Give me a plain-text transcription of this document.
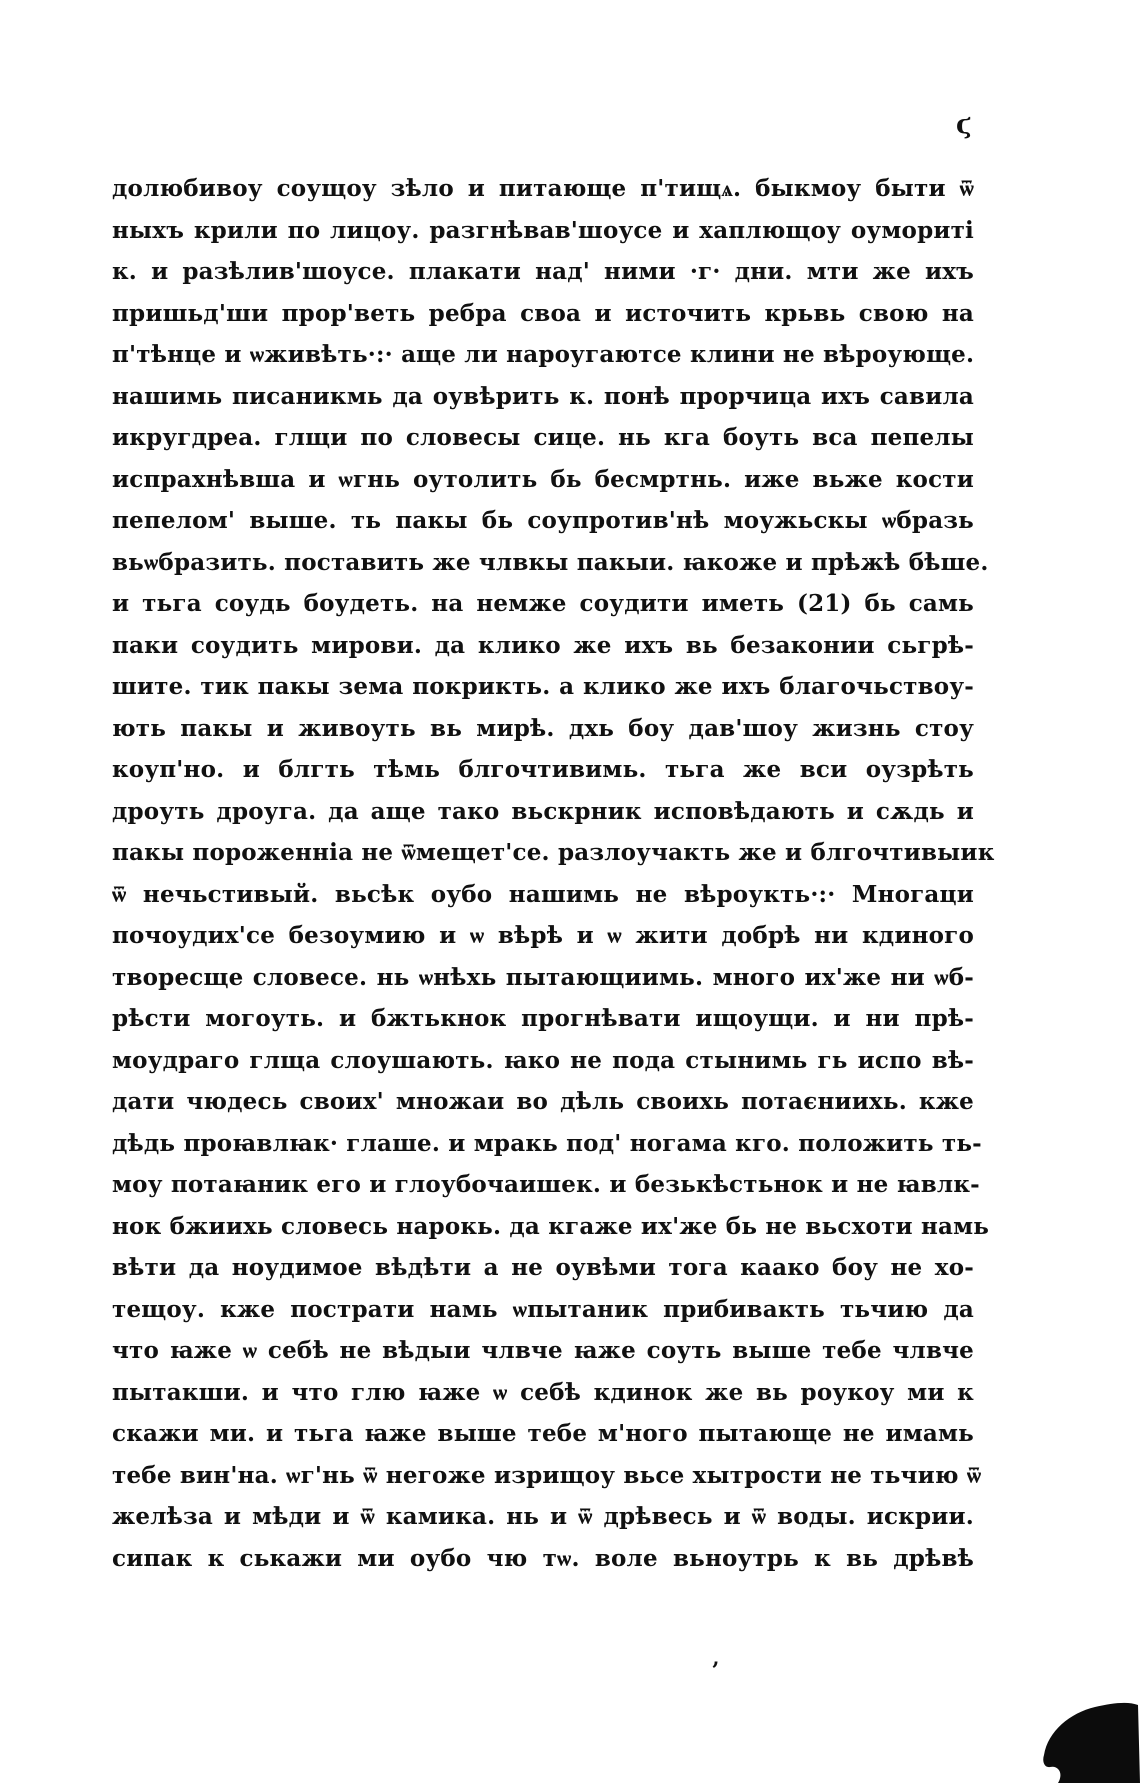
ϛ
долюбивоу соущоу зѣло и питающе п'тищѧ. быкмоу быти ѿ
ныхъ крили по лицоу. разгнѣвав'шоусе и хаплющоу оумориті
к. и разѣлив'шоусе. плакати над' ними ·г· дни. мти же ихъ
пришьд'ши прор'веть ребра своа и источить крьвь свою на
п'тѣнце и ѡживѣть·:· аще ли нароугаютсе клини не вѣроующе.
нашимь писаникмь да оувѣрить к. понѣ прорчица ихъ савила
икругдреа. глщи по словесы сице. нь кга боуть вса пепелы
испрахнѣвша и ѡгнь оутолить бь бесмртнь. иже вьже кости
пепелом' выше. ть пакы бь соупротив'нѣ моужьскы ѡбразь
вьѡбразить. поставить же члвкы пакыи. ꙗкоже и прѣжѣ бѣше.
и тьга соудь боудеть. на немже соудити иметь (21) бь самь
паки соудить мирови. да клико же ихъ вь безаконии сьгрѣ-
шите. тик пакы зема покрикть. а клико же ихъ благочьствоу-
ють пакы и живоуть вь мирѣ. дхь боу дав'шоу жизнь стоу
коуп'но. и блгть тѣмь блгочтивимь. тьга же вси оузрѣть
дроуть дроуга. да аще тако вьскрник исповѣдають и сѫдь и
пакы пороженніа не ѿмещет'се. разлоучакть же и блгочтивыик
ѿ нечьстивый. вьсѣк оубо нашимь не вѣроукть·:· Многаци
почоудих'се безоумию и ѡ вѣрѣ и ѡ жити добрѣ ни кдиного
творесще словесе. нь ѡнѣхь пытающиимь. много их'же ни ѡб-
рѣсти могоуть. и бжтькнок прогнѣвати ищоущи. и ни прѣ-
моудраго глща слоушають. ꙗко не пода стынимь гь испо вѣ-
дати чюдесь своих' множаи во дѣль своихь потаєниихь. кже
дѣдь проꙗвлꙗк· глаше. и мракь под' ногама кго. положить ть-
моу потаꙗник его и глоубочаишек. и безькѣстьнок и не ꙗвлк-
нок бжиихь словесь нарокь. да кгаже их'же бь не вьсхоти намь
вѣти да ноудимое вѣдѣти а не оувѣми тога каако боу не хо-
тещоу. кже пострати намь ѡпытаник прибивакть тьчию да
что ꙗже ѡ себѣ не вѣдыи члвче ꙗже соуть выше тебе члвче
пытакши. и что глю ꙗже ѡ себѣ кдинок же вь роукоу ми к
скажи ми. и тьга ꙗже выше тебе м'ного пытающе не имамь
тебе вин'на. ѡг'нь ѿ негоже изрищоу вьсе хытрости не тьчию ѿ
желѣза и мѣди и ѿ камика. нь и ѿ дрѣвесь и ѿ воды. искрии.
сипак к ськажи ми оубо чю тѡ. воле вьноутрь к вь дрѣвѣ
‚
